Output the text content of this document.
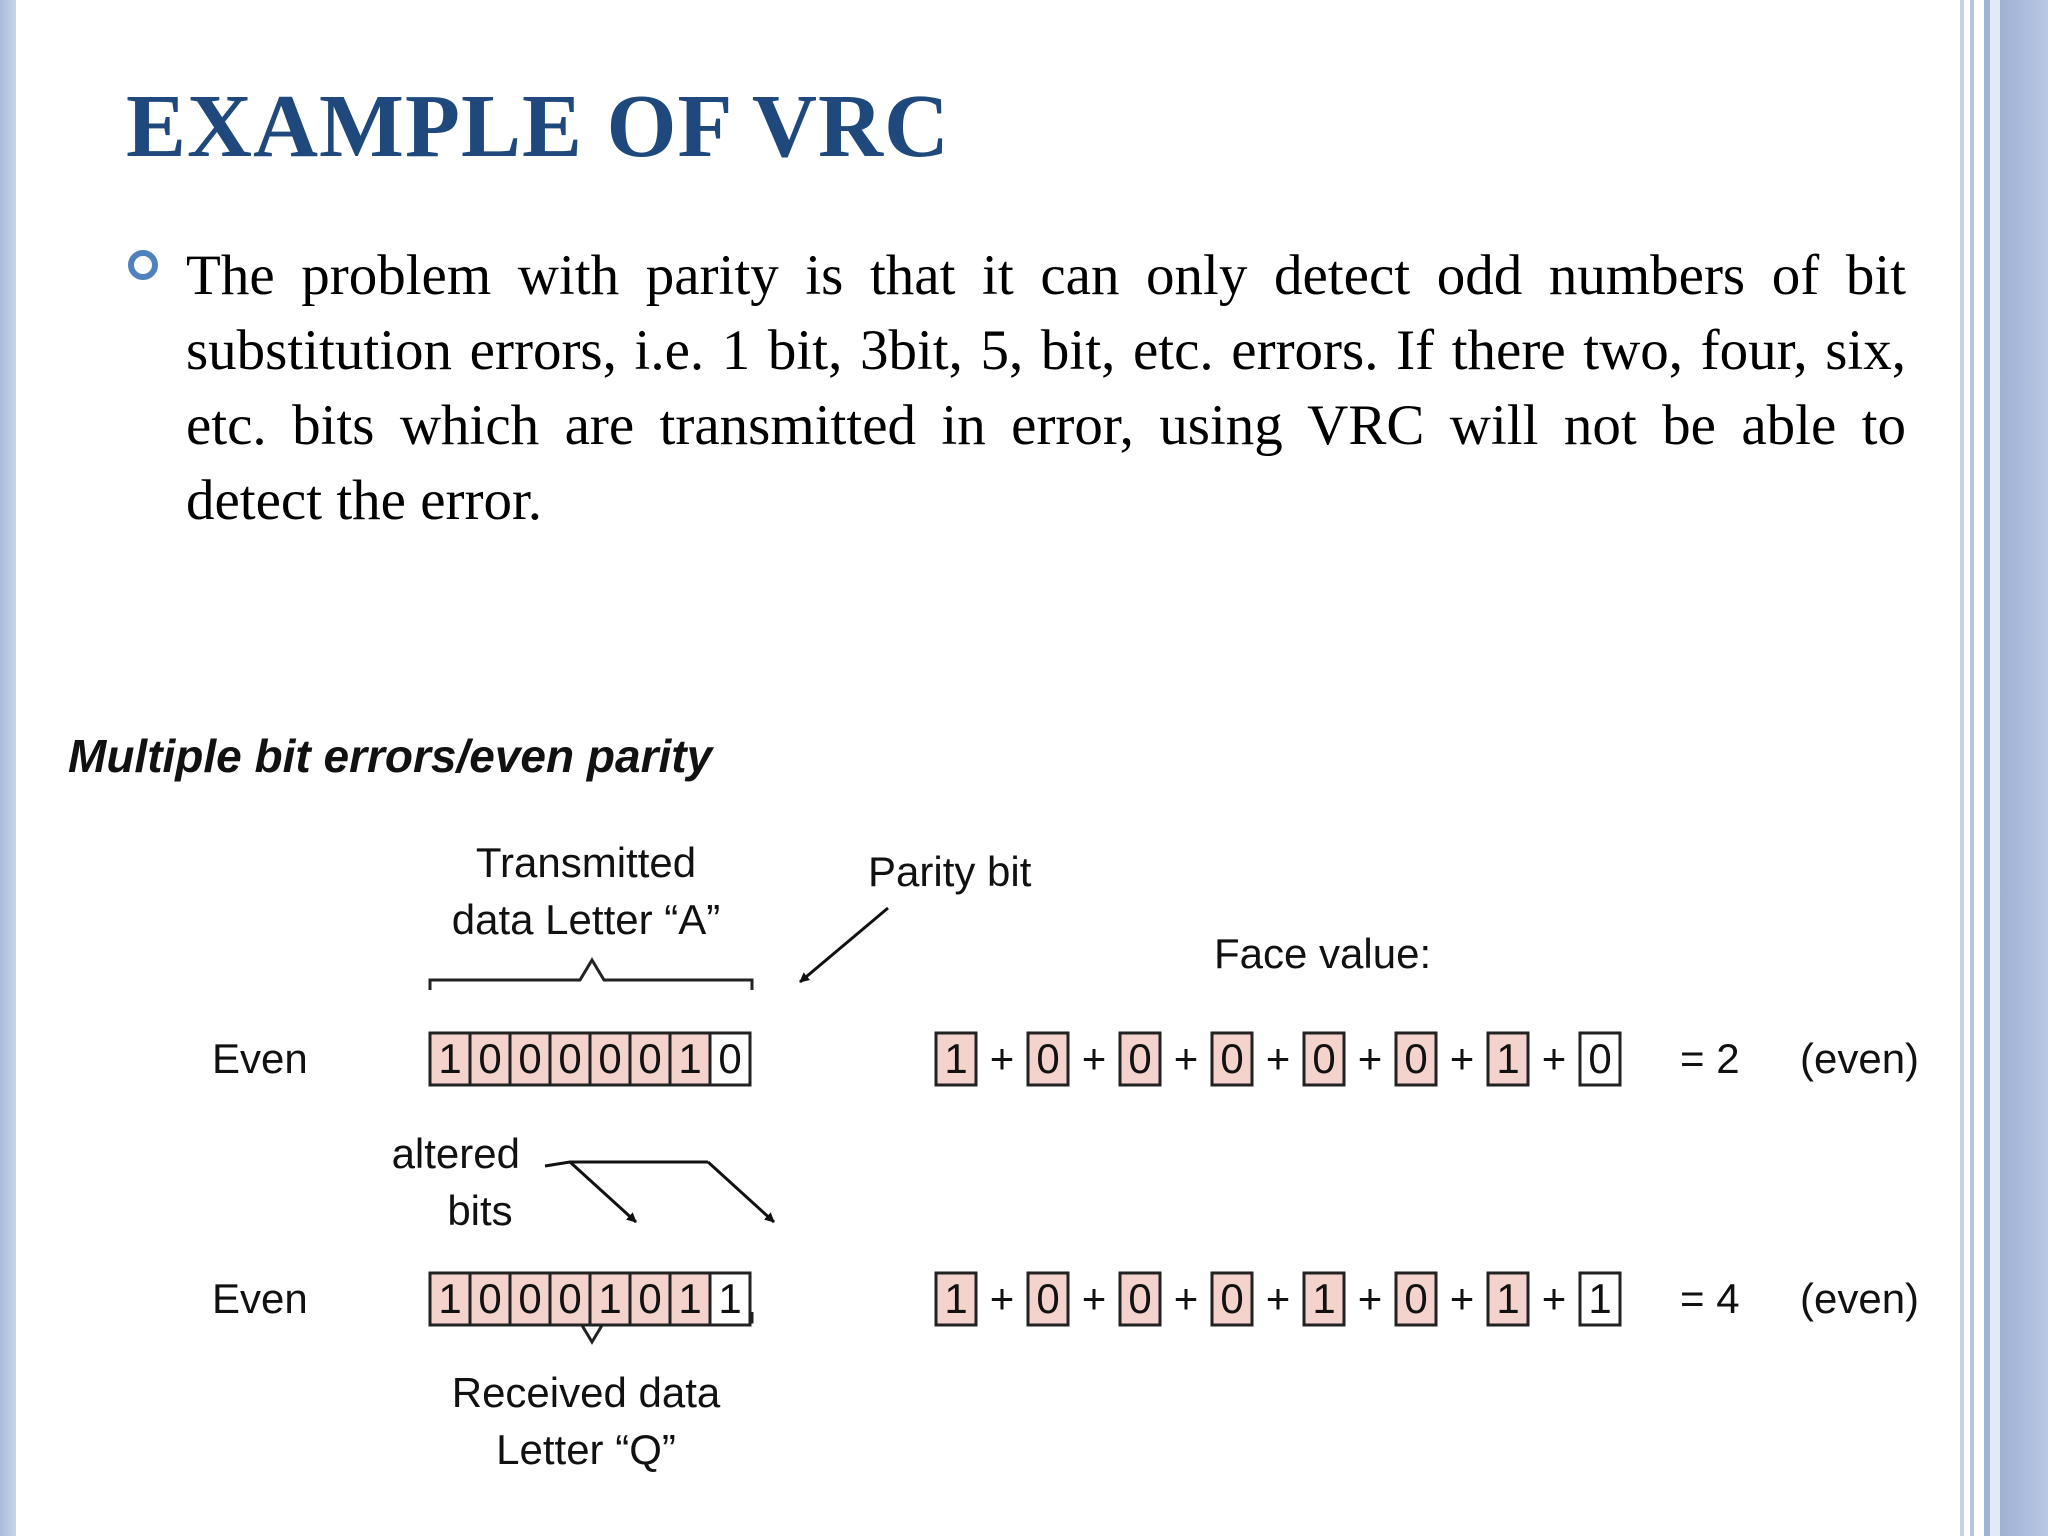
EXAMPLE OF VRC

The problem with parity is that it can only detect odd numbers of bit substitution errors, i.e. 1 bit, 3bit, 5, bit, etc. errors. If there two, four, six, etc. bits which are transmitted in error, using VRC will not be able to detect the error.

Multiple bit errors/even parity
Transmitted
data Letter “A”
Parity bit
Face value:
altered
bits
Received data
Letter “Q”
Even	1 0 0 0 0 0 1 0	1 + 0 + 0 + 0 + 0 + 0 + 1 + 0 = 2 (even)
Even	1 0 0 0 1 0 1 1	1 + 0 + 0 + 0 + 1 + 0 + 1 + 1 = 4 (even)
